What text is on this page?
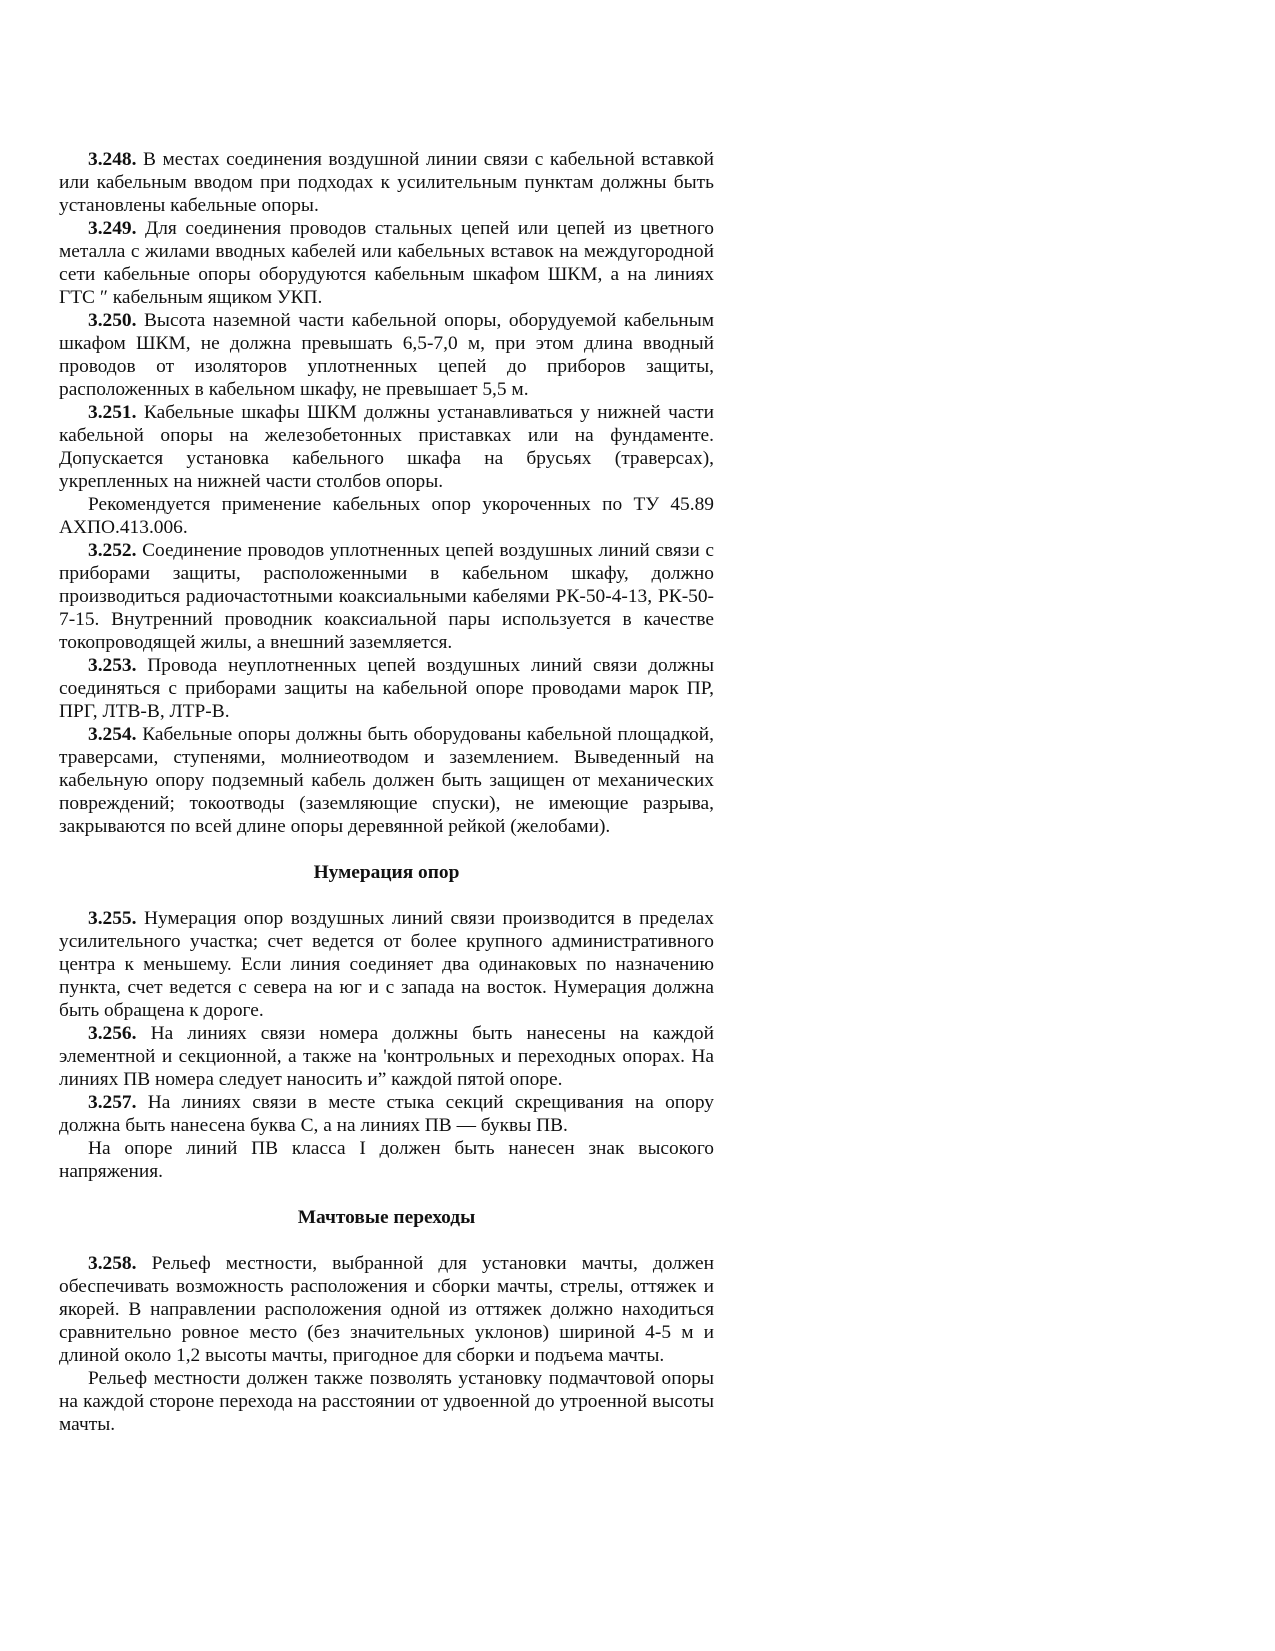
3.248. В местах соединения воздушной линии связи с кабельной вставкой или кабельным вводом при подходах к усилительным пунктам должны быть установлены кабельные опоры.

3.249. Для соединения проводов стальных цепей или цепей из цветного металла с жилами вводных кабелей или кабельных вставок на междугородной сети кабельные опоры оборудуются кабельным шкафом ШКМ, а на линиях ГТС ″ кабельным ящиком УКП.

3.250. Высота наземной части кабельной опоры, оборудуемой кабельным шкафом ШКМ, не должна превышать 6,5-7,0 м, при этом длина вводный проводов от изоляторов уплотненных цепей до приборов защиты, расположенных в кабельном шкафу, не превышает 5,5 м.

3.251. Кабельные шкафы ШКМ должны устанавливаться у нижней части кабельной опоры на железобетонных приставках или на фундаменте. Допускается установка кабельного шкафа на брусьях (траверсах), укрепленных на нижней части столбов опоры.

Рекомендуется применение кабельных опор укороченных по ТУ 45.89 АХПО.413.006.

3.252. Соединение проводов уплотненных цепей воздушных линий связи с приборами защиты, расположенными в кабельном шкафу, должно производиться радиочастотными коаксиальными кабелями РК-50-4-13, РК-50-7-15. Внутренний проводник коаксиальной пары используется в качестве токопроводящей жилы, а внешний заземляется.

3.253. Провода неуплотненных цепей воздушных линий связи должны соединяться с приборами защиты на кабельной опоре проводами марок ПР, ПРГ, ЛТВ-В, ЛТР-В.

3.254. Кабельные опоры должны быть оборудованы кабельной площадкой, траверсами, ступенями, молниеотводом и заземлением. Выведенный на кабельную опору подземный кабель должен быть защищен от механических повреждений; токоотводы (заземляющие спуски), не имеющие разрыва, закрываются по всей длине опоры деревянной рейкой (желобами).

Нумерация опор

3.255. Нумерация опор воздушных линий связи производится в пределах усилительного участка; счет ведется от более крупного административного центра к меньшему. Если линия соединяет два одинаковых по назначению пункта, счет ведется с севера на юг и с запада на восток. Нумерация должна быть обращена к дороге.

3.256. На линиях связи номера должны быть нанесены на каждой элементной и секционной, а также на 'контрольных и переходных опорах. На линиях ПВ номера следует наносить и” каждой пятой опоре.

3.257. На линиях связи в месте стыка секций скрещивания на опору должна быть нанесена буква С, а на линиях ПВ — буквы ПВ.

На опоре линий ПВ класса I должен быть нанесен знак высокого напряжения.

Мачтовые переходы

3.258. Рельеф местности, выбранной для установки мачты, должен обеспечивать возможность расположения и сборки мачты, стрелы, оттяжек и якорей. В направлении расположения одной из оттяжек должно находиться сравнительно ровное место (без значительных уклонов) шириной 4-5 м и длиной около 1,2 высоты мачты, пригодное для сборки и подъема мачты.

Рельеф местности должен также позволять установку подмачтовой опоры на каждой стороне перехода на расстоянии от удвоенной до утроенной высоты мачты.
